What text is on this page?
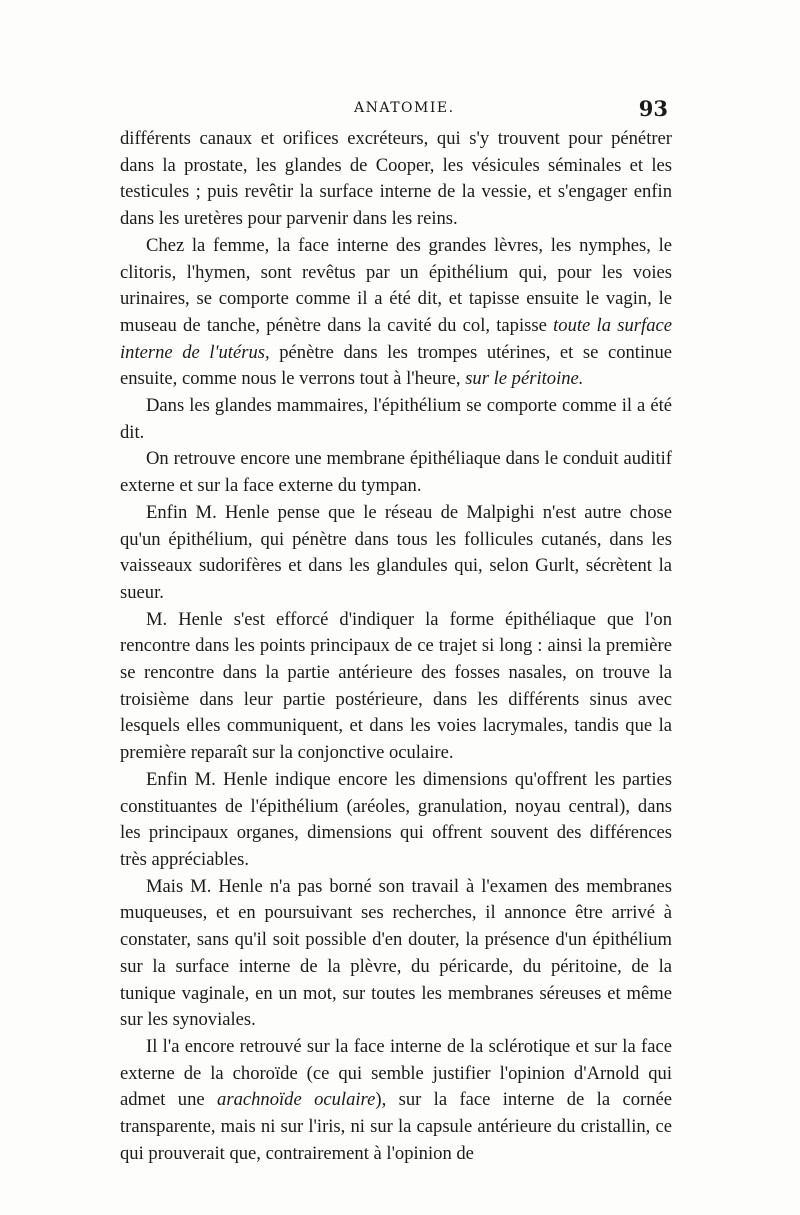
ANATOMIE.	93

différents canaux et orifices excréteurs, qui s'y trouvent pour pénétrer dans la prostate, les glandes de Cooper, les vésicules séminales et les testicules ; puis revêtir la surface interne de la vessie, et s'engager enfin dans les uretères pour parvenir dans les reins.

Chez la femme, la face interne des grandes lèvres, les nymphes, le clitoris, l'hymen, sont revêtus par un épithélium qui, pour les voies urinaires, se comporte comme il a été dit, et tapisse ensuite le vagin, le museau de tanche, pénètre dans la cavité du col, tapisse toute la surface interne de l'utérus, pénètre dans les trompes utérines, et se continue ensuite, comme nous le verrons tout à l'heure, sur le péritoine.

Dans les glandes mammaires, l'épithélium se comporte comme il a été dit.

On retrouve encore une membrane épithéliaque dans le conduit auditif externe et sur la face externe du tympan.

Enfin M. Henle pense que le réseau de Malpighi n'est autre chose qu'un épithélium, qui pénètre dans tous les follicules cutanés, dans les vaisseaux sudorifères et dans les glandules qui, selon Gurlt, sécrètent la sueur.

M. Henle s'est efforcé d'indiquer la forme épithéliaque que l'on rencontre dans les points principaux de ce trajet si long : ainsi la première se rencontre dans la partie antérieure des fosses nasales, on trouve la troisième dans leur partie postérieure, dans les différents sinus avec lesquels elles communiquent, et dans les voies lacrymales, tandis que la première reparaît sur la conjonctive oculaire.

Enfin M. Henle indique encore les dimensions qu'offrent les parties constituantes de l'épithélium (aréoles, granulation, noyau central), dans les principaux organes, dimensions qui offrent souvent des différences très appréciables.

Mais M. Henle n'a pas borné son travail à l'examen des membranes muqueuses, et en poursuivant ses recherches, il annonce être arrivé à constater, sans qu'il soit possible d'en douter, la présence d'un épithélium sur la surface interne de la plèvre, du péricarde, du péritoine, de la tunique vaginale, en un mot, sur toutes les membranes séreuses et même sur les synoviales.

Il l'a encore retrouvé sur la face interne de la sclérotique et sur la face externe de la choroïde (ce qui semble justifier l'opinion d'Arnold qui admet une arachnoïde oculaire), sur la face interne de la cornée transparente, mais ni sur l'iris, ni sur la capsule antérieure du cristallin, ce qui prouverait que, contrairement à l'opinion de
